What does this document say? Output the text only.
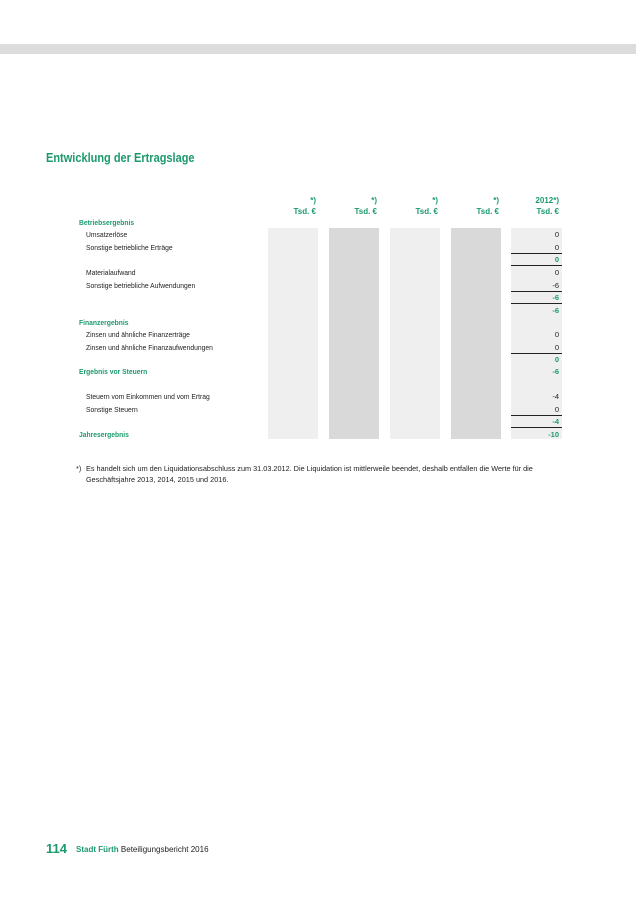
Entwicklung der Ertragslage
*)
Tsd. €
*)
Tsd. €
*)
Tsd. €
*)
Tsd. €
2012*)
Tsd. €
Betriebsergebnis
Umsatzerlöse
Sonstige betriebliche Erträge
Materialaufwand
Sonstige betriebliche Aufwendungen
Finanzergebnis
Zinsen und ähnliche Finanzerträge
Zinsen und ähnliche Finanzaufwendungen
Ergebnis vor Steuern
Steuern vom Einkommen und vom Ertrag
Sonstige Steuern
Jahresergebnis
0
0
0
0
-6
-6
-6
0
0
0
-6
-4
0
-4
-10
*) Es handelt sich um den Liquidationsabschluss zum 31.03.2012. Die Liquidation ist mittlerweile beendet, deshalb entfallen die Werte für die Geschäftsjahre 2013, 2014, 2015 und 2016.
114 Stadt Fürth Beteiligungsbericht 2016
